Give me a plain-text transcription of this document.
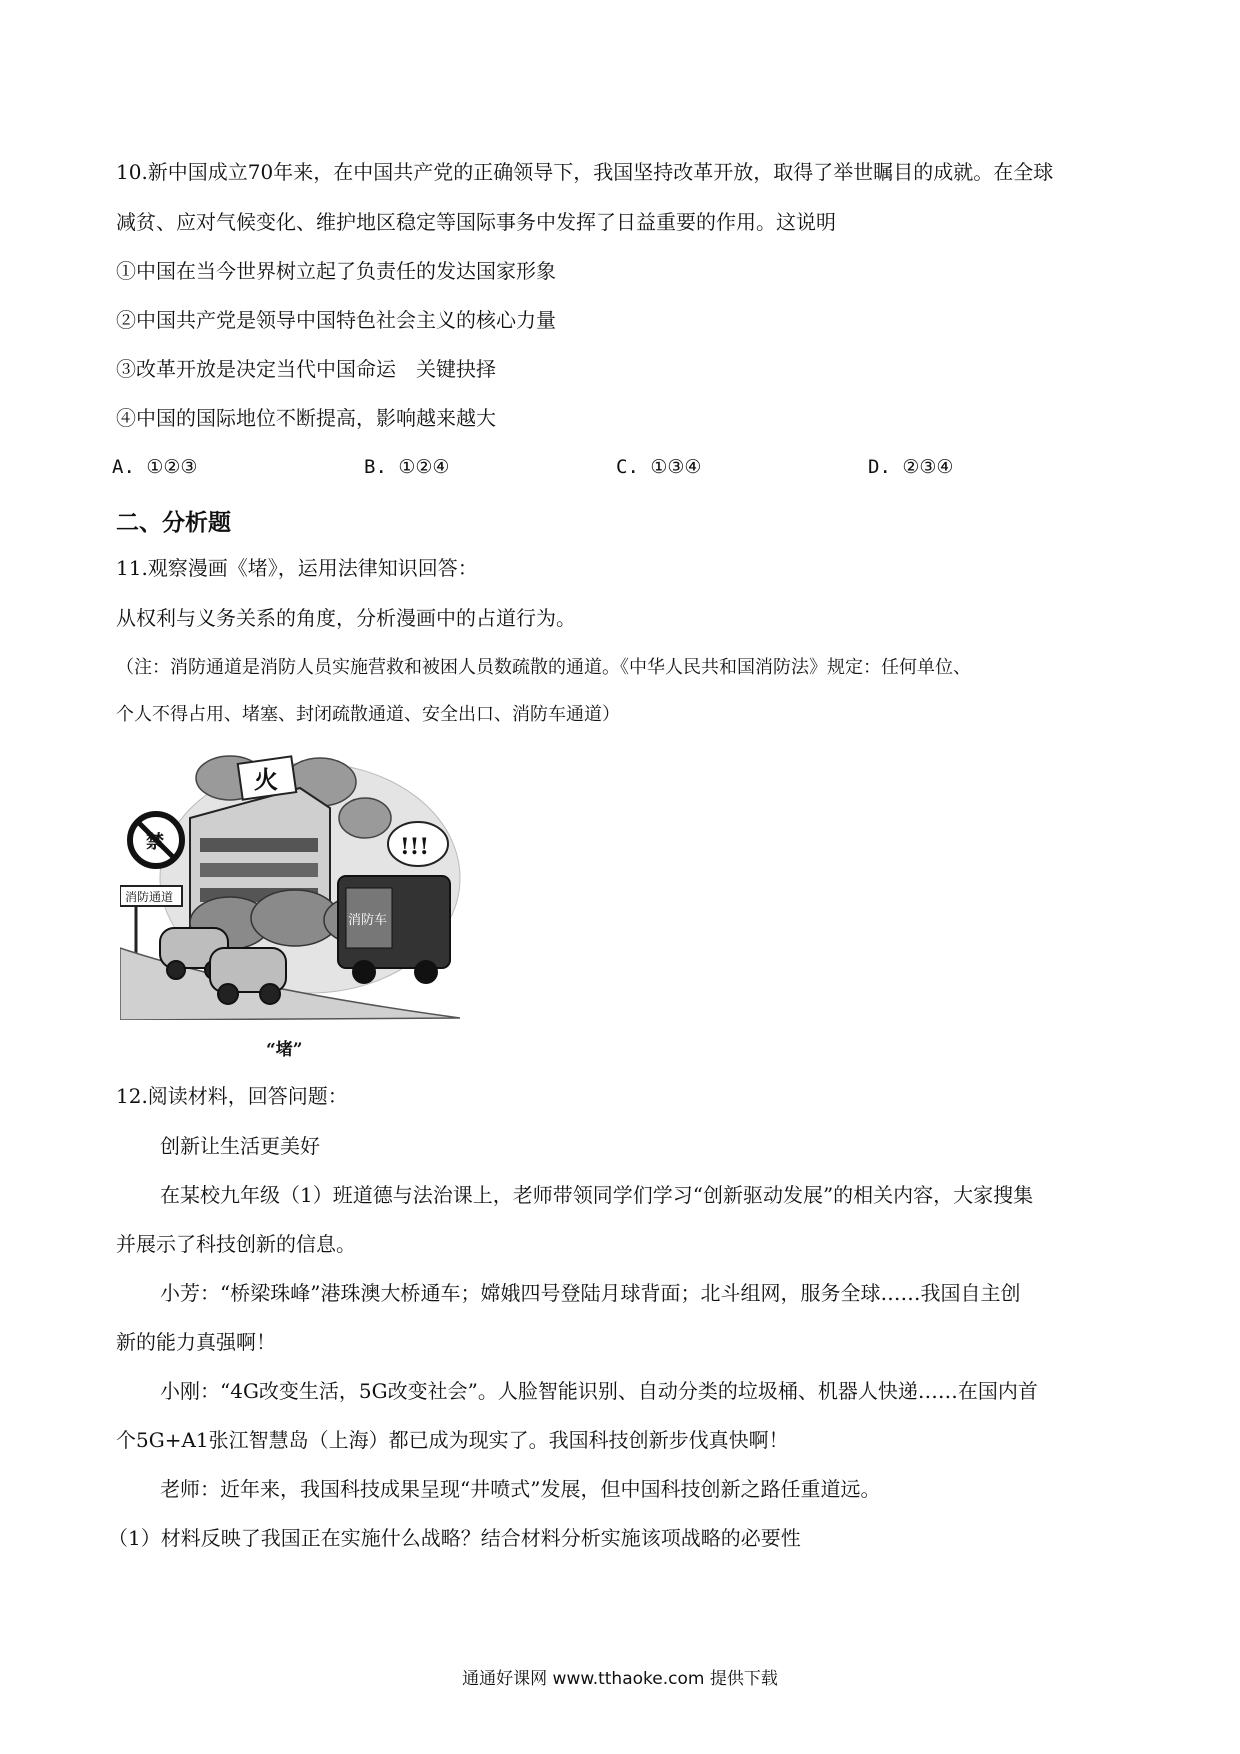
10.新中国成立70年来，在中国共产党的正确领导下，我国坚持改革开放，取得了举世瞩目的成就。在全球
减贫、应对气候变化、维护地区稳定等国际事务中发挥了日益重要的作用。这说明
①中国在当今世界树立起了负责任的发达国家形象
②中国共产党是领导中国特色社会主义的核心力量
③改革开放是决定当代中国命运　关键抉择
④中国的国际地位不断提高，影响越来越大
A. ①②③	B. ①②④	C. ①③④	D. ②③④
二、分析题
11.观察漫画《堵》，运用法律知识回答：
从权利与义务关系的角度，分析漫画中的占道行为。
（注：消防通道是消防人员实施营救和被困人员数疏散的通道。《中华人民共和国消防法》规定：任何单位、
个人不得占用、堵塞、封闭疏散通道、安全出口、消防车通道）
火
!!!
禁
消防通道
消防车
“堵”
12.阅读材料，回答问题：
创新让生活更美好
在某校九年级（1）班道德与法治课上，老师带领同学们学习“创新驱动发展”的相关内容，大家搜集
并展示了科技创新的信息。
小芳：“桥梁珠峰”港珠澳大桥通车；嫦娥四号登陆月球背面；北斗组网，服务全球……我国自主创
新的能力真强啊！
小刚：“4G改变生活，5G改变社会”。人脸智能识别、自动分类的垃圾桶、机器人快递……在国内首
个5G+A1张江智慧岛（上海）都已成为现实了。我国科技创新步伐真快啊！
老师：近年来，我国科技成果呈现“井喷式”发展，但中国科技创新之路任重道远。
（1）材料反映了我国正在实施什么战略？结合材料分析实施该项战略的必要性
通通好课网 www.tthaoke.com 提供下载
